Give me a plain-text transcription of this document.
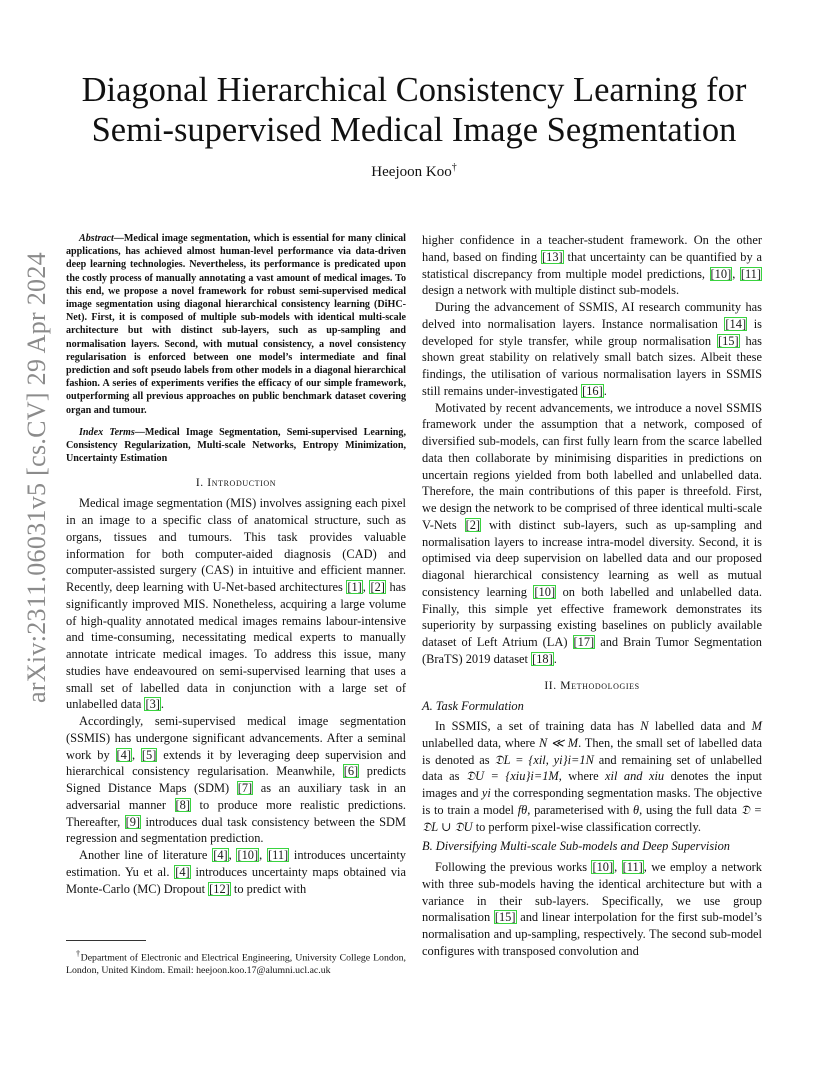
arXiv:2311.06031v5 [cs.CV] 29 Apr 2024
Diagonal Hierarchical Consistency Learning for Semi-supervised Medical Image Segmentation
Heejoon Koo†

Abstract—Medical image segmentation, which is essential for many clinical applications, has achieved almost human-level performance via data-driven deep learning technologies. Nevertheless, its performance is predicated upon the costly process of manually annotating a vast amount of medical images. To this end, we propose a novel framework for robust semi-supervised medical image segmentation using diagonal hierarchical consistency learning (DiHC-Net). First, it is composed of multiple sub-models with identical multi-scale architecture but with distinct sub-layers, such as up-sampling and normalisation layers. Second, with mutual consistency, a novel consistency regularisation is enforced between one model’s intermediate and final prediction and soft pseudo labels from other models in a diagonal hierarchical fashion. A series of experiments verifies the efficacy of our simple framework, outperforming all previous approaches on public benchmark dataset covering organ and tumour.

Index Terms—Medical Image Segmentation, Semi-supervised Learning, Consistency Regularization, Multi-scale Networks, Entropy Minimization, Uncertainty Estimation

I. Introduction

Medical image segmentation (MIS) involves assigning each pixel in an image to a specific class of anatomical structure, such as organs, tissues and tumours. This task provides valuable information for both computer-aided diagnosis (CAD) and computer-assisted surgery (CAS) in intuitive and efficient manner. Recently, deep learning with U-Net-based architectures [1], [2] has significantly improved MIS. Nonetheless, acquiring a large volume of high-quality annotated medical images remains labour-intensive and time-consuming, necessitating medical experts to manually annotate intricate medical images. To address this issue, many studies have endeavoured on semi-supervised learning that uses a small set of labelled data in conjunction with a large set of unlabelled data [3].

Accordingly, semi-supervised medical image segmentation (SSMIS) has undergone significant advancements. After a seminal work by [4], [5] extends it by leveraging deep supervision and hierarchical consistency regularisation. Meanwhile, [6] predicts Signed Distance Maps (SDM) [7] as an auxiliary task in an adversarial manner [8] to produce more realistic predictions. Thereafter, [9] introduces dual task consistency between the SDM regression and segmentation prediction.

Another line of literature [4], [10], [11] introduces uncertainty estimation. Yu et al. [4] introduces uncertainty maps obtained via Monte-Carlo (MC) Dropout [12] to predict with

†Department of Electronic and Electrical Engineering, University College London, London, United Kindom. Email: heejoon.koo.17@alumni.ucl.ac.uk

higher confidence in a teacher-student framework. On the other hand, based on finding [13] that uncertainty can be quantified by a statistical discrepancy from multiple model predictions, [10], [11] design a network with multiple distinct sub-models.

During the advancement of SSMIS, AI research community has delved into normalisation layers. Instance normalisation [14] is developed for style transfer, while group normalisation [15] has shown great stability on relatively small batch sizes. Albeit these findings, the utilisation of various normalisation layers in SSMIS still remains under-investigated [16].

Motivated by recent advancements, we introduce a novel SSMIS framework under the assumption that a network, composed of diversified sub-models, can first fully learn from the scarce labelled data then collaborate by minimising disparities in predictions on uncertain regions yielded from both labelled and unlabelled data. Therefore, the main contributions of this paper is threefold. First, we design the network to be comprised of three identical multi-scale V-Nets [2] with distinct sub-layers, such as up-sampling and normalisation layers to increase intra-model diversity. Second, it is optimised via deep supervision on labelled data and our proposed diagonal hierarchical consistency learning as well as mutual consistency learning [10] on both labelled and unlabelled data. Finally, this simple yet effective framework demonstrates its superiority by surpassing existing baselines on publicly available dataset of Left Atrium (LA) [17] and Brain Tumor Segmentation (BraTS) 2019 dataset [18].

II. Methodologies
A. Task Formulation

In SSMIS, a set of training data has N labelled data and M unlabelled data, where N ≪ M. Then, the small set of labelled data is denoted as 𝔇L = {xil, yi}i=1N and remaining set of unlabelled data as 𝔇U = {xiu}i=1M, where xil and xiu denotes the input images and yi the corresponding segmentation masks. The objective is to train a model fθ, parameterised with θ, using the full data 𝔇 = 𝔇L ∪ 𝔇U to perform pixel-wise classification correctly.

B. Diversifying Multi-scale Sub-models and Deep Supervision

Following the previous works [10], [11], we employ a network with three sub-models having the identical architecture but with a variance in their sub-layers. Specifically, we use group normalisation [15] and linear interpolation for the first sub-model’s normalisation and up-sampling, respectively. The second sub-model configures with transposed convolution and
